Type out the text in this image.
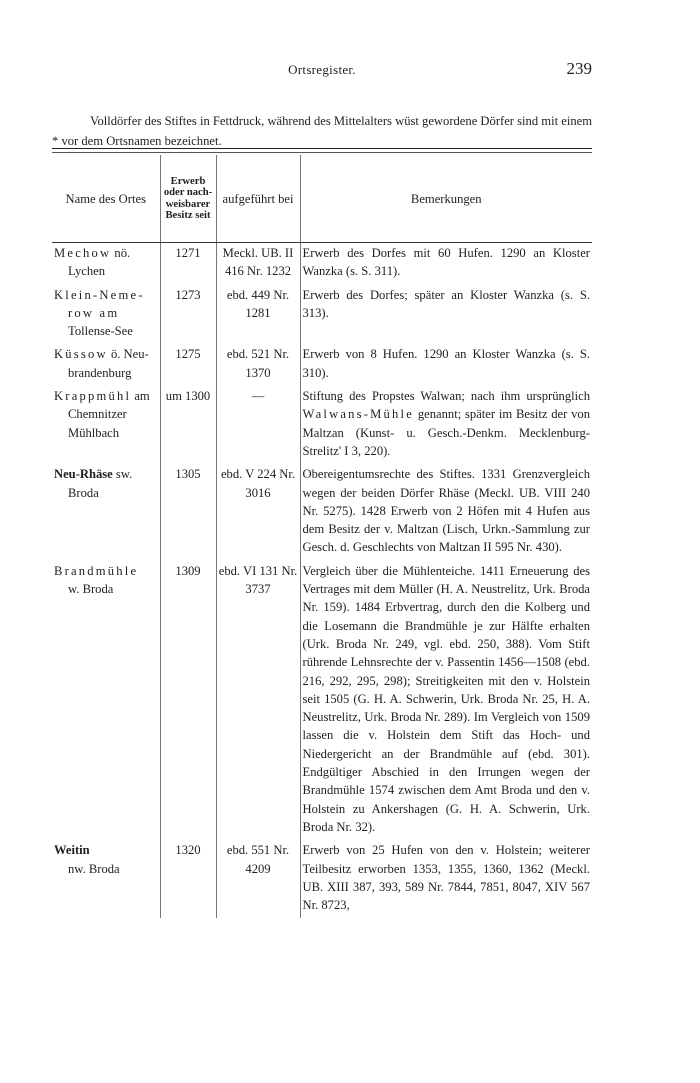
Ortsregister.	239

Volldörfer des Stiftes in Fettdruck, während des Mittelalters wüst gewordene Dörfer sind mit einem * vor dem Ortsnamen bezeichnet.

Name des Ortes	Erwerb oder nach- weisbarer Besitz seit	aufgeführt bei	Bemerkungen
Mechow nö.
Lychen	1271	Meckl. UB. II 416 Nr. 1232	Erwerb des Dorfes mit 60 Hufen. 1290 an Kloster Wanzka (s. S. 311).
Klein-Neme-
row am
Tollense-See	1273	ebd. 449 Nr. 1281	Erwerb des Dorfes; später an Kloster Wanzka (s. S. 313).
Küssow ö. Neu-
brandenburg	1275	ebd. 521 Nr. 1370	Erwerb von 8 Hufen. 1290 an Kloster Wanzka (s. S. 310).
Krappmühl am
Chemnitzer
Mühlbach	um 1300	—	Stiftung des Propstes Walwan; nach ihm ursprünglich Walwans-Mühle genannt; später im Besitz der von Maltzan (Kunst- u. Gesch.-Denkm. Mecklenburg-Strelitz' I 3, 220).
Neu-Rhäse sw.
Broda	1305	ebd. V 224 Nr. 3016	Obereigentumsrechte des Stiftes. 1331 Grenzvergleich wegen der beiden Dörfer Rhäse (Meckl. UB. VIII 240 Nr. 5275). 1428 Erwerb von 2 Höfen mit 4 Hufen aus dem Besitz der v. Maltzan (Lisch, Urkn.-Sammlung zur Gesch. d. Geschlechts von Maltzan II 595 Nr. 430).
Brandmühle
w. Broda	1309	ebd. VI 131 Nr. 3737	Vergleich über die Mühlenteiche. 1411 Erneuerung des Vertrages mit dem Müller (H. A. Neustrelitz, Urk. Broda Nr. 159). 1484 Erbvertrag, durch den die Kolberg und die Losemann die Brandmühle je zur Hälfte erhalten (Urk. Broda Nr. 249, vgl. ebd. 250, 388). Vom Stift rührende Lehnsrechte der v. Passentin 1456—1508 (ebd. 216, 292, 295, 298); Streitigkeiten mit den v. Holstein seit 1505 (G. H. A. Schwerin, Urk. Broda Nr. 25, H. A. Neustrelitz, Urk. Broda Nr. 289). Im Vergleich von 1509 lassen die v. Holstein dem Stift das Hoch- und Niedergericht an der Brandmühle auf (ebd. 301). Endgültiger Abschied in den Irrungen wegen der Brandmühle 1574 zwischen dem Amt Broda und den v. Holstein zu Ankershagen (G. H. A. Schwerin, Urk. Broda Nr. 32).
Weitin
nw. Broda	1320	ebd. 551 Nr. 4209	Erwerb von 25 Hufen von den v. Holstein; weiterer Teilbesitz erworben 1353, 1355, 1360, 1362 (Meckl. UB. XIII 387, 393, 589 Nr. 7844, 7851, 8047, XIV 567 Nr. 8723,
